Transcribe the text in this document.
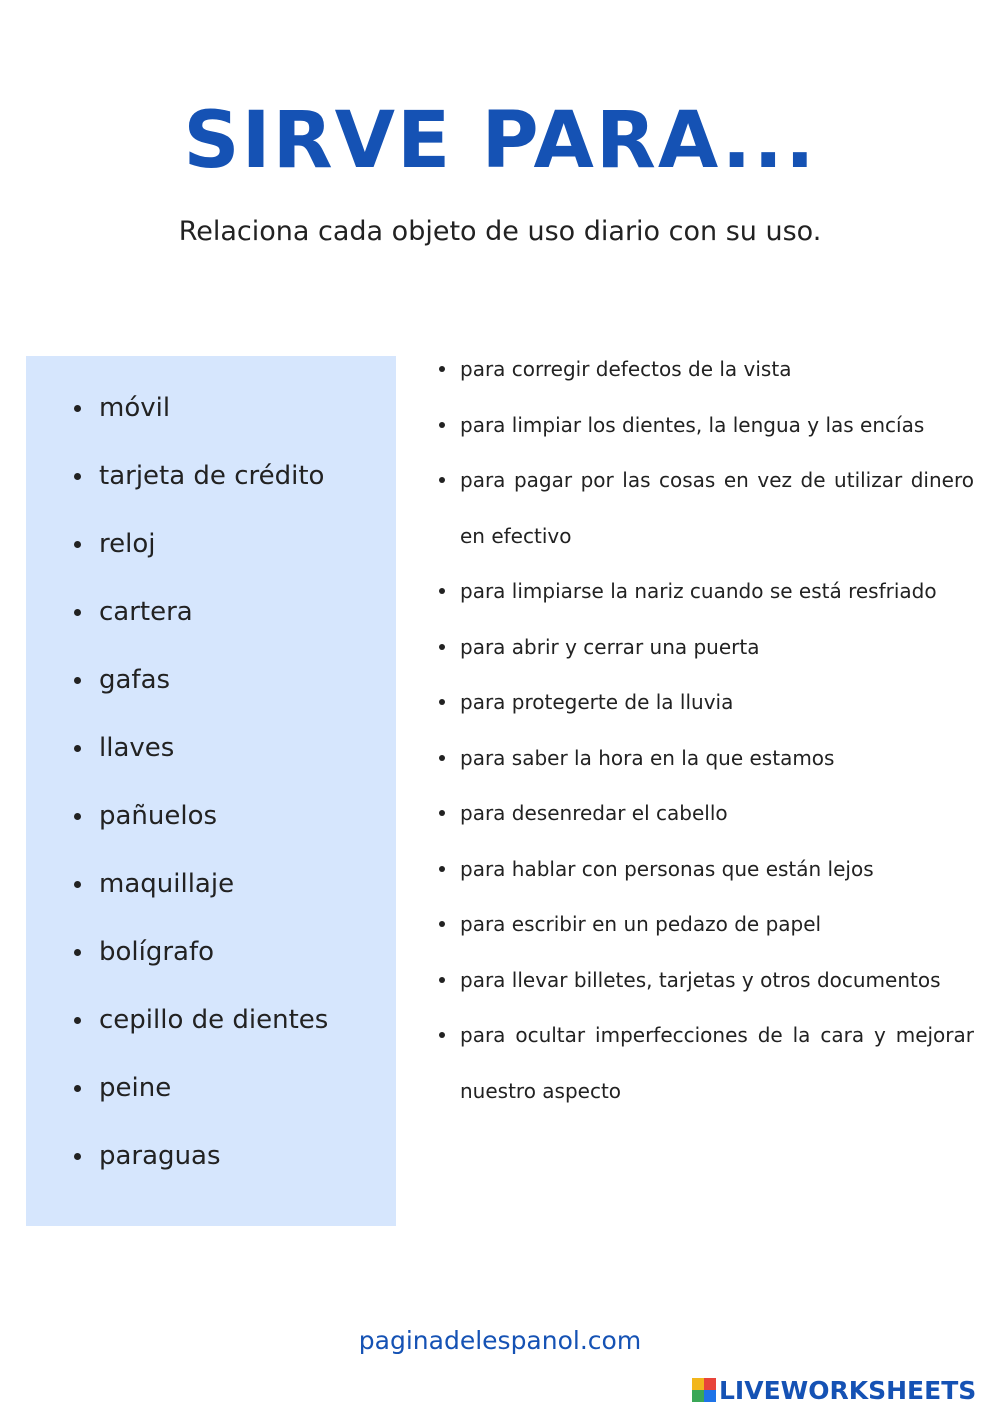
SIRVE PARA...

Relaciona cada objeto de uso diario con su uso.

móvil
tarjeta de crédito
reloj
cartera
gafas
llaves
pañuelos
maquillaje
bolígrafo
cepillo de dientes
peine
paraguas
para corregir defectos de la vista
para limpiar los dientes, la lengua y las encías
para pagar por las cosas en vez de utilizar dinero en efectivo
para limpiarse la nariz cuando se está resfriado
para abrir y cerrar una puerta
para protegerte de la lluvia
para saber la hora en la que estamos
para desenredar el cabello
para hablar con personas que están lejos
para escribir en un pedazo de papel
para llevar billetes, tarjetas y otros documentos
para ocultar imperfecciones de la cara y mejorar nuestro aspecto
paginadelespanol.com
LIVEWORKSHEETS
